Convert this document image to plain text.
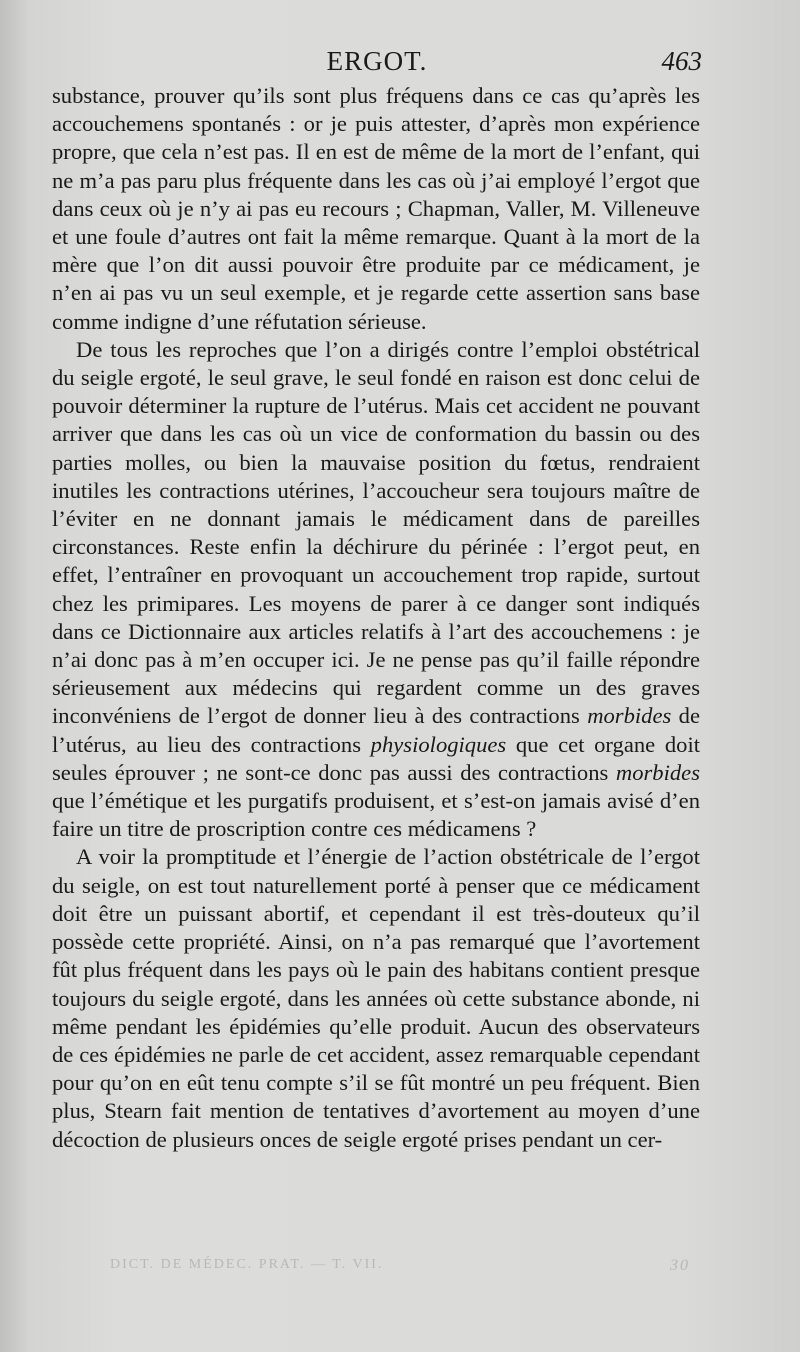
ERGOT.	463

substance, prouver qu’ils sont plus fréquens dans ce cas qu’après les accouchemens spontanés : or je puis attester, d’après mon expérience propre, que cela n’est pas. Il en est de même de la mort de l’enfant, qui ne m’a pas paru plus fréquente dans les cas où j’ai employé l’ergot que dans ceux où je n’y ai pas eu recours ; Chapman, Valler, M. Villeneuve et une foule d’autres ont fait la même remarque. Quant à la mort de la mère que l’on dit aussi pouvoir être produite par ce médicament, je n’en ai pas vu un seul exemple, et je regarde cette assertion sans base comme indigne d’une réfutation sérieuse.

De tous les reproches que l’on a dirigés contre l’emploi obstétrical du seigle ergoté, le seul grave, le seul fondé en raison est donc celui de pouvoir déterminer la rupture de l’utérus. Mais cet accident ne pouvant arriver que dans les cas où un vice de conformation du bassin ou des parties molles, ou bien la mauvaise position du fœtus, rendraient inutiles les contractions utérines, l’accoucheur sera toujours maître de l’éviter en ne donnant jamais le médicament dans de pareilles circonstances. Reste enfin la déchirure du périnée : l’ergot peut, en effet, l’entraîner en provoquant un accouchement trop rapide, surtout chez les primipares. Les moyens de parer à ce danger sont indiqués dans ce Dictionnaire aux articles relatifs à l’art des accouchemens : je n’ai donc pas à m’en occuper ici. Je ne pense pas qu’il faille répondre sérieusement aux médecins qui regardent comme un des graves inconvéniens de l’ergot de donner lieu à des contractions morbides de l’utérus, au lieu des contractions physiologiques que cet organe doit seules éprouver ; ne sont-ce donc pas aussi des contractions morbides que l’émétique et les purgatifs produisent, et s’est-on jamais avisé d’en faire un titre de proscription contre ces médicamens ?

A voir la promptitude et l’énergie de l’action obstétricale de l’ergot du seigle, on est tout naturellement porté à penser que ce médicament doit être un puissant abortif, et cependant il est très-douteux qu’il possède cette propriété. Ainsi, on n’a pas remarqué que l’avortement fût plus fréquent dans les pays où le pain des habitans contient presque toujours du seigle ergoté, dans les années où cette substance abonde, ni même pendant les épidémies qu’elle produit. Aucun des observateurs de ces épidémies ne parle de cet accident, assez remarquable cependant pour qu’on en eût tenu compte s’il se fût montré un peu fréquent. Bien plus, Stearn fait mention de tentatives d’avortement au moyen d’une décoction de plusieurs onces de seigle ergoté prises pendant un cer-

DICT. DE MÉDEC. PRAT. — T. VII.	30
